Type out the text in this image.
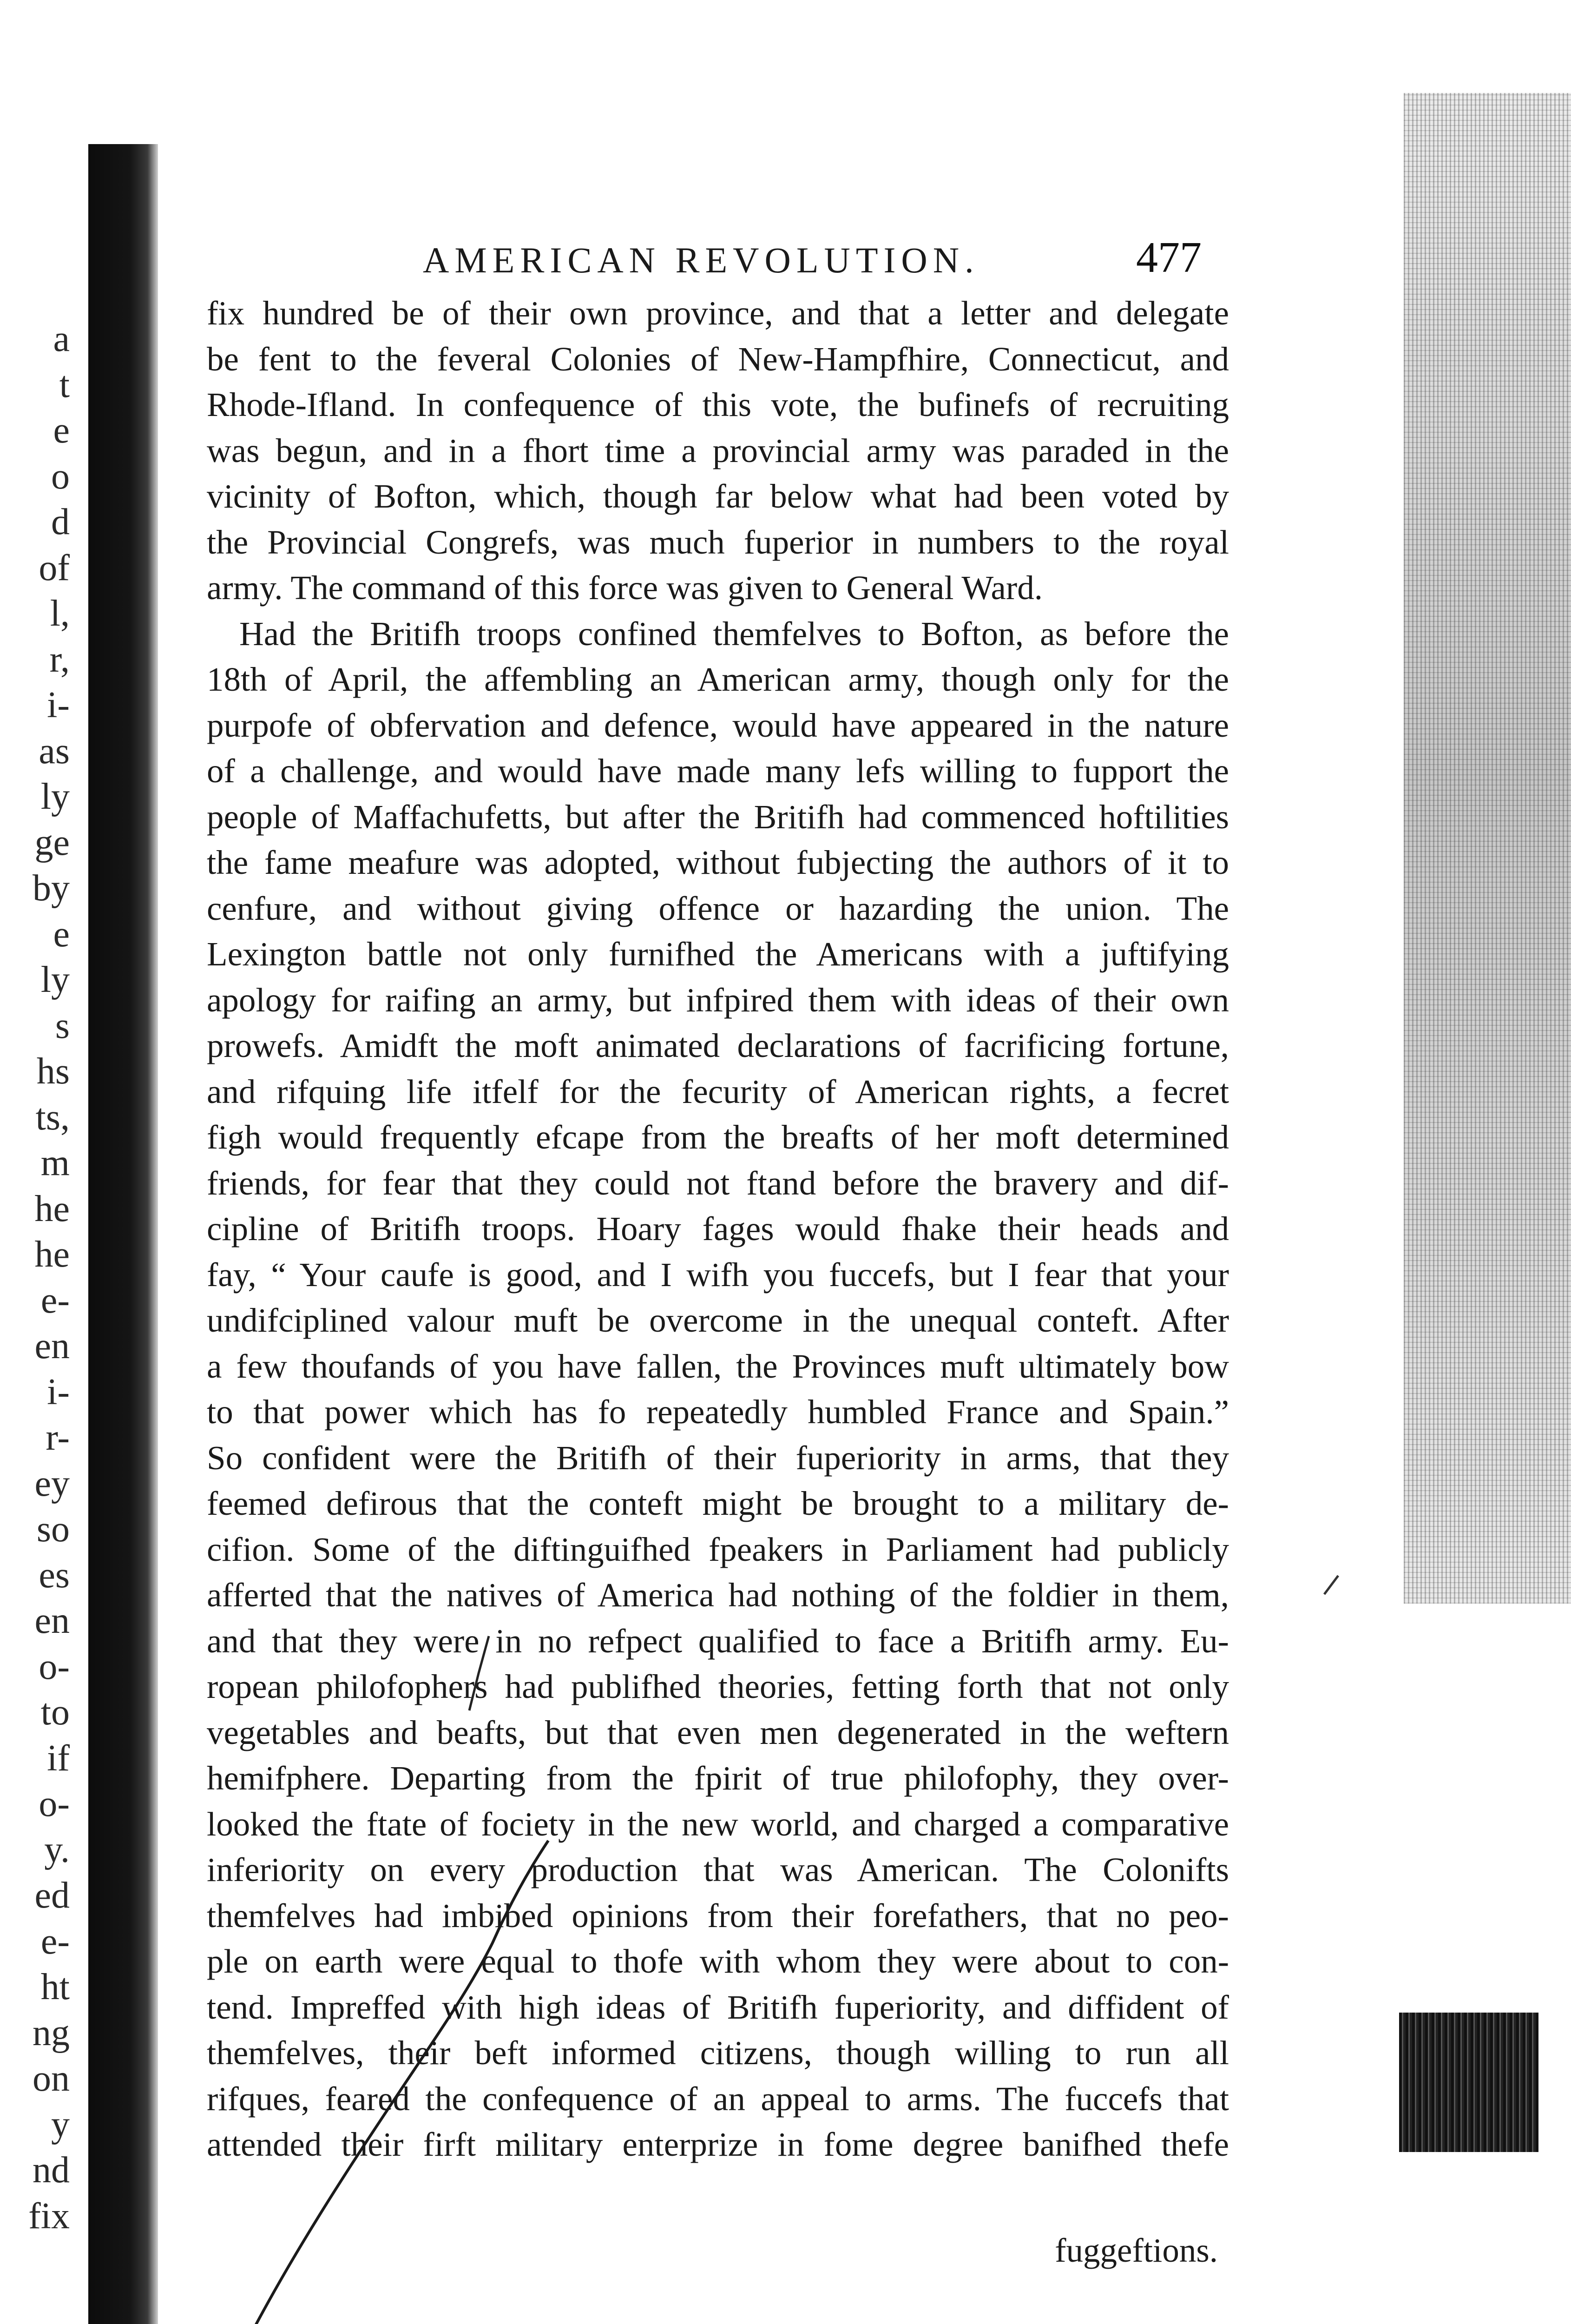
a
t
e
o
d
of
l,
r,
i-
as
ly
ge
by
e
ly
s
hs
ts,
m
he
he
e-
en
i-
r-
ey
so
es
en
o-
to
if
o-
y.
ed
e-
ht
ng
on
y
nd
fix
AMERICAN REVOLUTION.	477
fix hundred be of their own province, and that a letter and delegate
be fent to the feveral Colonies of New-Hampfhire, Connecticut, and
Rhode-Ifland. In confequence of this vote, the bufinefs of recruiting
was begun, and in a fhort time a provincial army was paraded in the
vicinity of Bofton, which, though far below what had been voted by
the Provincial Congrefs, was much fuperior in numbers to the royal
army. The command of this force was given to General Ward.
Had the Britifh troops confined themfelves to Bofton, as before the
18th of April, the affembling an American army, though only for the
purpofe of obfervation and defence, would have appeared in the nature
of a challenge, and would have made many lefs willing to fupport the
people of Maffachufetts, but after the Britifh had commenced hoftilities
the fame meafure was adopted, without fubjecting the authors of it to
cenfure, and without giving offence or hazarding the union. The
Lexington battle not only furnifhed the Americans with a juftifying
apology for raifing an army, but infpired them with ideas of their own
prowefs. Amidft the moft animated declarations of facrificing fortune,
and rifquing life itfelf for the fecurity of American rights, a fecret
figh would frequently efcape from the breafts of her moft determined
friends, for fear that they could not ftand before the bravery and dif-
cipline of Britifh troops. Hoary fages would fhake their heads and
fay, “ Your caufe is good, and I wifh you fuccefs, but I fear that your
undifciplined valour muft be overcome in the unequal conteft. After
a few thoufands of you have fallen, the Provinces muft ultimately bow
to that power which has fo repeatedly humbled France and Spain.”
So confident were the Britifh of their fuperiority in arms, that they
feemed defirous that the conteft might be brought to a military de-
cifion. Some of the diftinguifhed fpeakers in Parliament had publicly
afferted that the natives of America had nothing of the foldier in them,
and that they were in no refpect qualified to face a Britifh army. Eu-
ropean philofophers had publifhed theories, fetting forth that not only
vegetables and beafts, but that even men degenerated in the weftern
hemifphere. Departing from the fpirit of true philofophy, they over-
looked the ftate of fociety in the new world, and charged a comparative
inferiority on every production that was American. The Colonifts
themfelves had imbibed opinions from their forefathers, that no peo-
ple on earth were equal to thofe with whom they were about to con-
tend. Impreffed with high ideas of Britifh fuperiority, and diffident of
themfelves, their beft informed citizens, though willing to run all
rifques, feared the confequence of an appeal to arms. The fuccefs that
attended their firft military enterprize in fome degree banifhed thefe
fuggeftions.
